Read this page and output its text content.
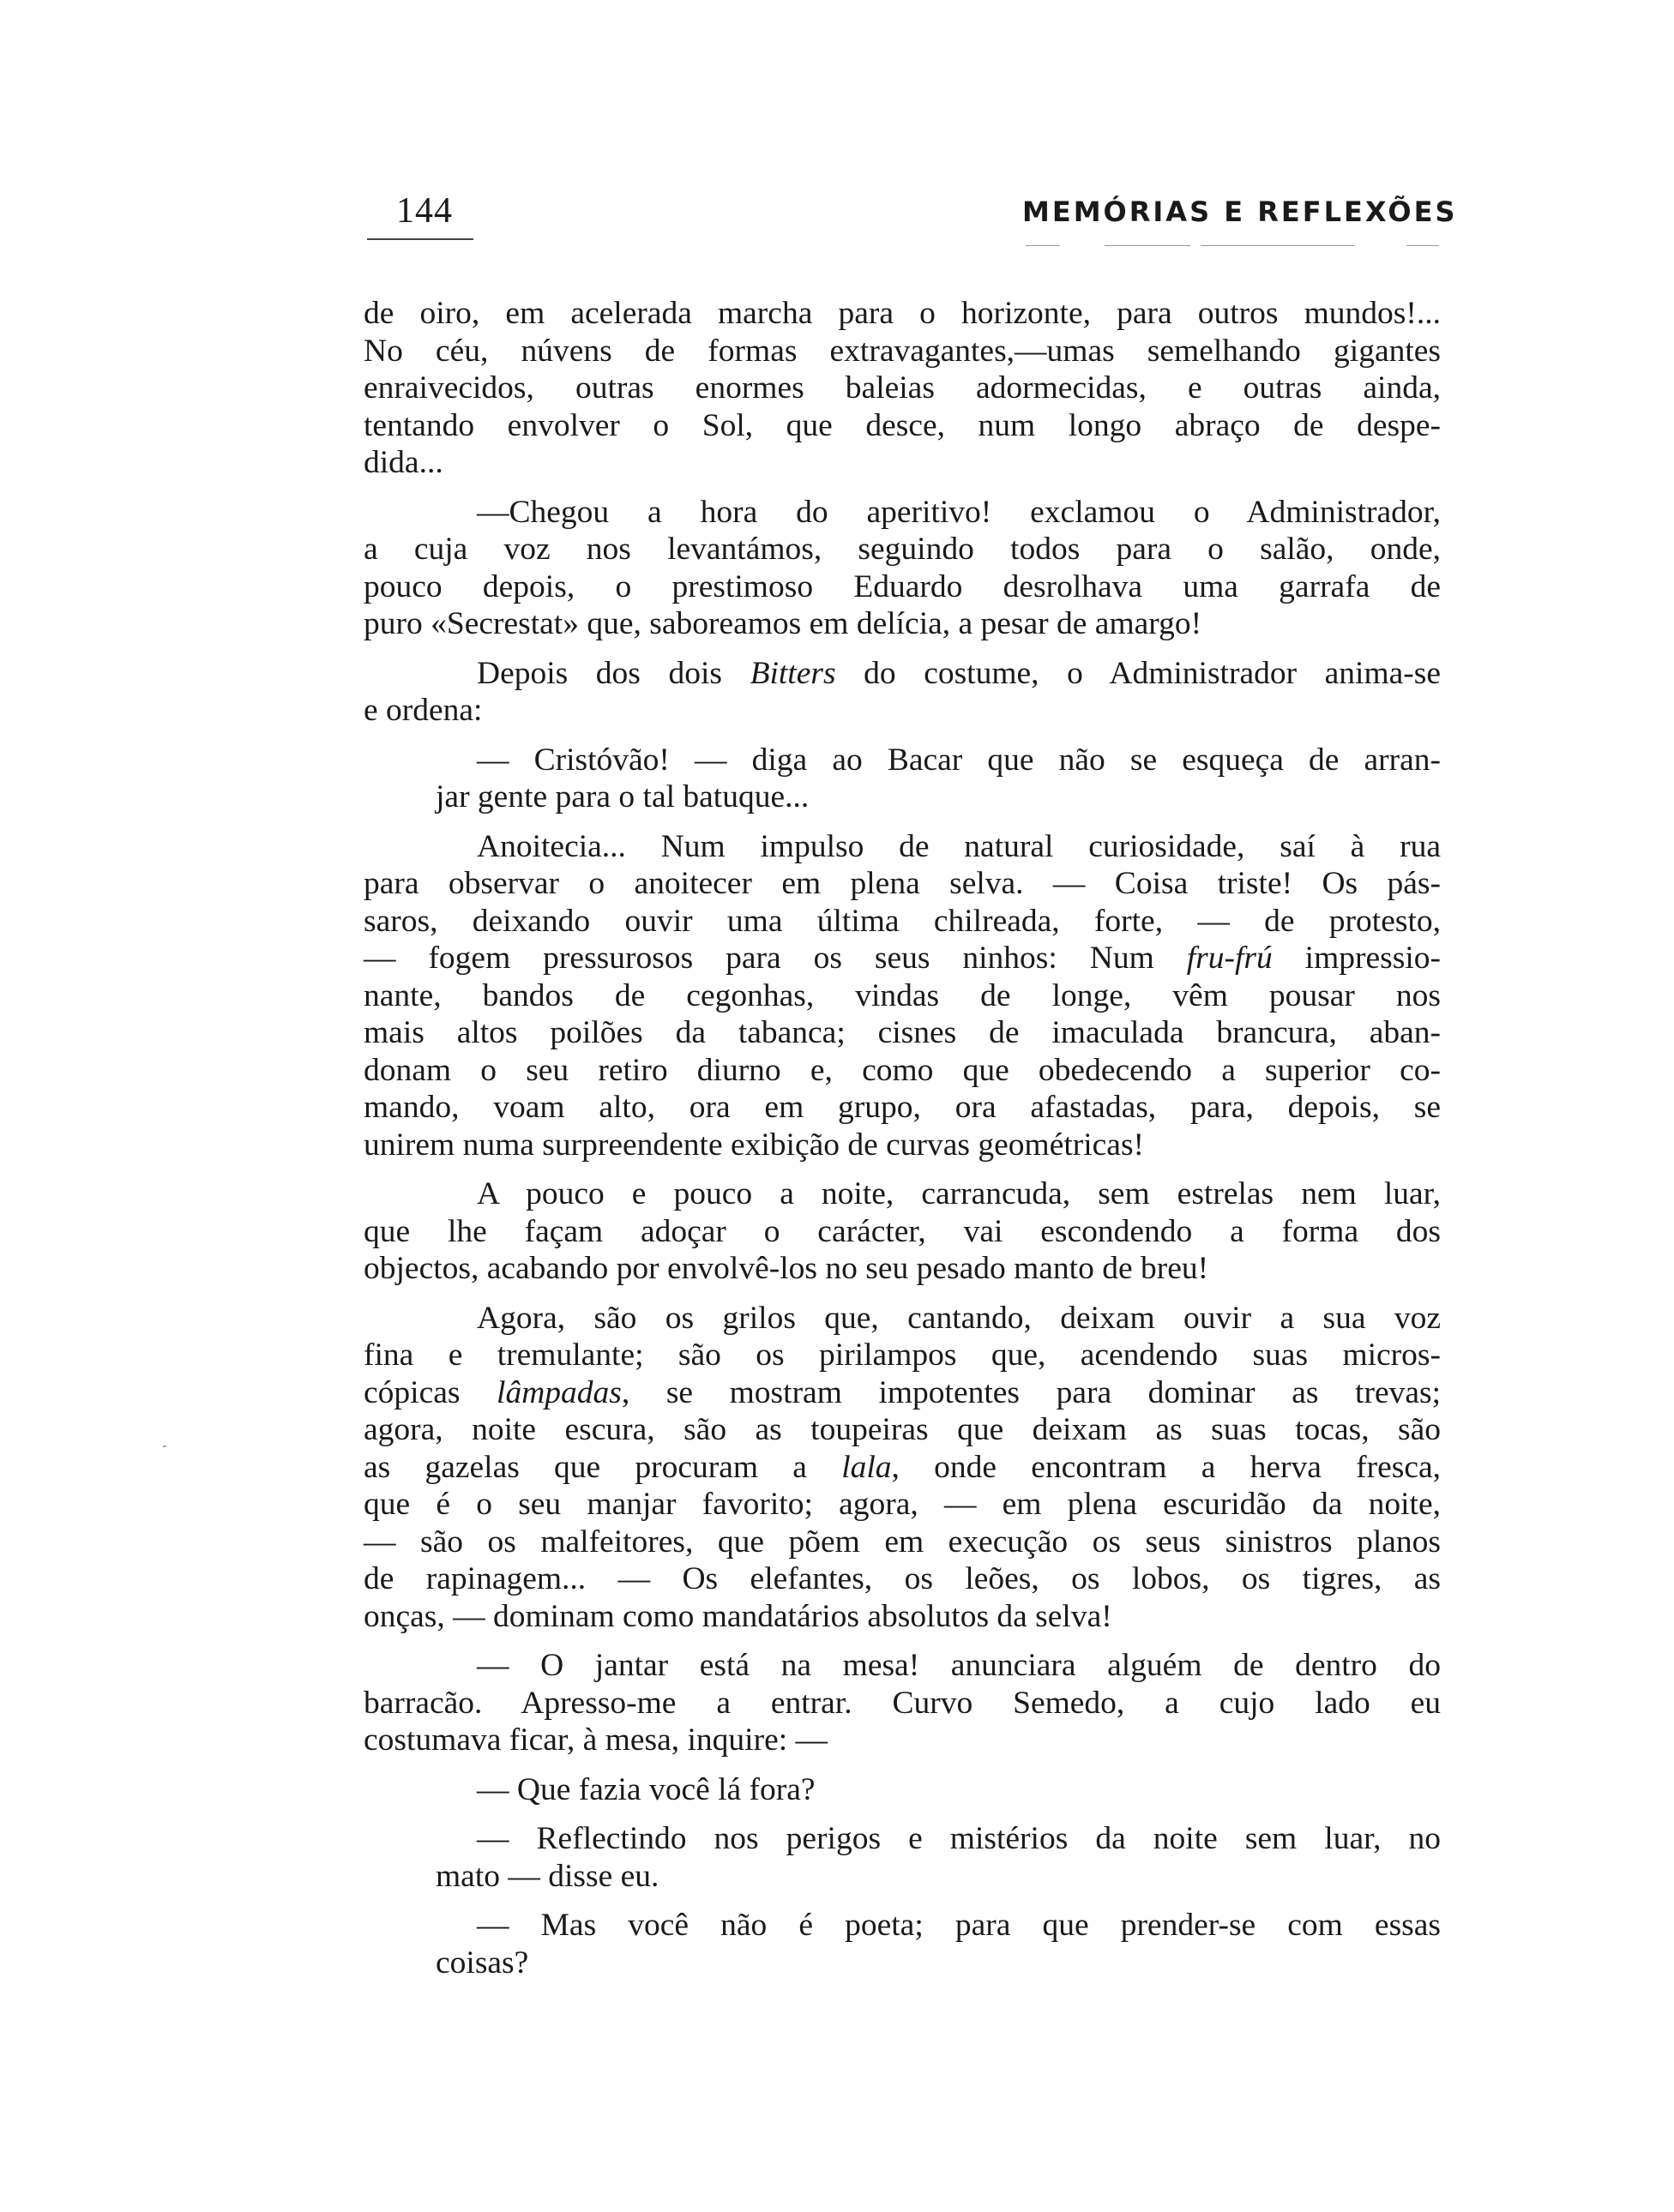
144	MEMÓRIAS E REFLEXÕES
de oiro, em acelerada marcha para o horizonte, para outros mundos!...
No céu, núvens de formas extravagantes,—umas semelhando gigantes
enraivecidos, outras enormes baleias adormecidas, e outras ainda,
tentando envolver o Sol, que desce, num longo abraço de despe-
dida...
—Chegou a hora do aperitivo! exclamou o Administrador,
a cuja voz nos levantámos, seguindo todos para o salão, onde,
pouco depois, o prestimoso Eduardo desrolhava uma garrafa de
puro «Secrestat» que, saboreamos em delícia, a pesar de amargo!
Depois dos dois Bitters do costume, o Administrador anima-se
e ordena:
— Cristóvão! — diga ao Bacar que não se esqueça de arran-
jar gente para o tal batuque...
Anoitecia... Num impulso de natural curiosidade, saí à rua
para observar o anoitecer em plena selva. — Coisa triste! Os pás-
saros, deixando ouvir uma última chilreada, forte, — de protesto,
— fogem pressurosos para os seus ninhos: Num fru-frú impressio-
nante, bandos de cegonhas, vindas de longe, vêm pousar nos
mais altos poilões da tabanca; cisnes de imaculada brancura, aban-
donam o seu retiro diurno e, como que obedecendo a superior co-
mando, voam alto, ora em grupo, ora afastadas, para, depois, se
unirem numa surpreendente exibição de curvas geométricas!
A pouco e pouco a noite, carrancuda, sem estrelas nem luar,
que lhe façam adoçar o carácter, vai escondendo a forma dos
objectos, acabando por envolvê-los no seu pesado manto de breu!
Agora, são os grilos que, cantando, deixam ouvir a sua voz
fina e tremulante; são os pirilampos que, acendendo suas micros-
cópicas lâmpadas, se mostram impotentes para dominar as trevas;
agora, noite escura, são as toupeiras que deixam as suas tocas, são
as gazelas que procuram a lala, onde encontram a herva fresca,
que é o seu manjar favorito; agora, — em plena escuridão da noite,
— são os malfeitores, que põem em execução os seus sinistros planos
de rapinagem... — Os elefantes, os leões, os lobos, os tigres, as
onças, — dominam como mandatários absolutos da selva!
— O jantar está na mesa! anunciara alguém de dentro do
barracão. Apresso-me a entrar. Curvo Semedo, a cujo lado eu
costumava ficar, à mesa, inquire: —
— Que fazia você lá fora?
— Reflectindo nos perigos e mistérios da noite sem luar, no
mato — disse eu.
— Mas você não é poeta; para que prender-se com essas
coisas?
